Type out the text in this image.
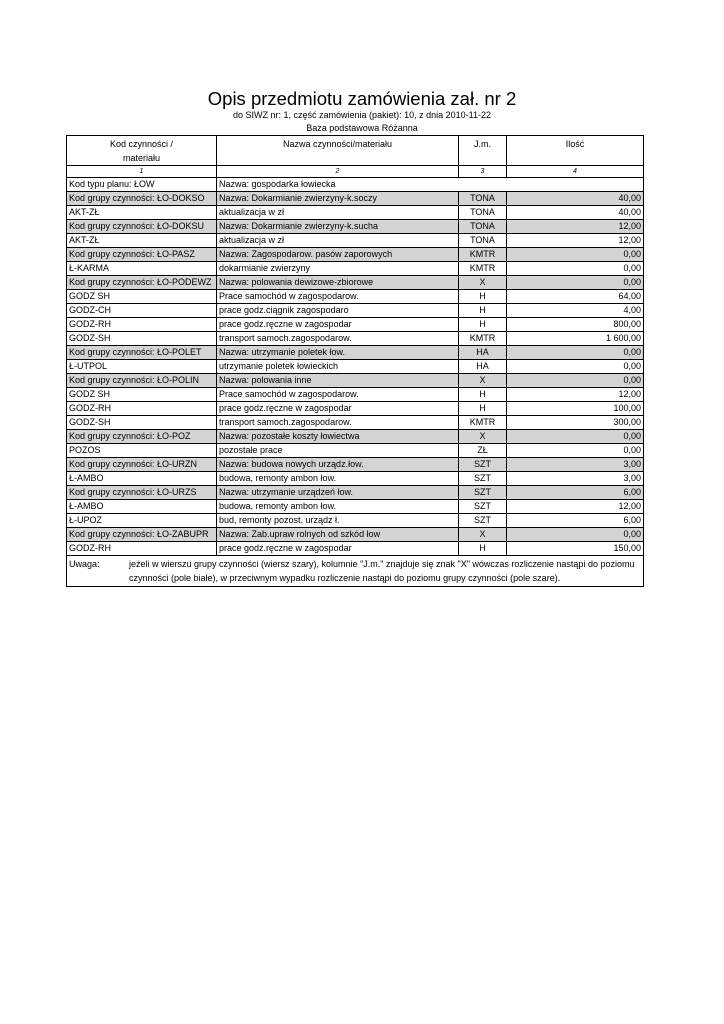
Opis przedmiotu zamówienia zał. nr 2
do SIWZ nr: 1, część zamówienia (pakiet): 10, z dnia 2010-11-22
Baza podstawowa Różanna
Kod czynności /
materiału	Nazwa czynności/materiału	J.m.	Ilość
1	2	3	4
Kod typu planu: ŁOW	Nazwa: gospodarka łowiecka		
Kod grupy czynności: ŁO-DOKSO	Nazwa: Dokarmianie zwierzyny-k.soczy	TONA	40,00
AKT-ZŁ	aktualizacja w zł	TONA	40,00
Kod grupy czynności: ŁO-DOKSU	Nazwa: Dokarmianie zwierzyny-k.sucha	TONA	12,00
AKT-ZŁ	aktualizacja w zł	TONA	12,00
Kod grupy czynności: ŁO-PASZ	Nazwa: Zagospodarow. pasów zaporowych	KMTR	0,00
Ł-KARMA	dokarmianie zwierzyny	KMTR	0,00
Kod grupy czynności: ŁO-PODEWZ	Nazwa: polowania dewizowe-zbiorowe	X	0,00
GODZ SH	Prace samochód w zagospodarow.	H	64,00
GODZ-CH	prace godz.ciągnik zagospodaro	H	4,00
GODZ-RH	prace godz.ręczne w zagospodar	H	800,00
GODZ-SH	transport samoch.zagospodarow.	KMTR	1 600,00
Kod grupy czynności: ŁO-POLET	Nazwa: utrzymanie poletek łow.	HA	0,00
Ł-UTPOL	utrzymanie poletek łowieckich	HA	0,00
Kod grupy czynności: ŁO-POLIN	Nazwa: polowania inne	X	0,00
GODZ SH	Prace samochód w zagospodarow.	H	12,00
GODZ-RH	prace godz.ręczne w zagospodar	H	100,00
GODZ-SH	transport samoch.zagospodarow.	KMTR	300,00
Kod grupy czynności: ŁO-POZ	Nazwa: pozostałe koszty łowiectwa	X	0,00
POZOS	pozostałe prace	ZŁ	0,00
Kod grupy czynności: ŁO-URZN	Nazwa: budowa nowych urządz.łow.	SZT	3,00
Ł-AMBO	budowa, remonty ambon łow.	SZT	3,00
Kod grupy czynności: ŁO-URZS	Nazwa: utrzymanie urządzeń łow.	SZT	6,00
Ł-AMBO	budowa, remonty ambon łow.	SZT	12,00
Ł-UPOZ	bud, remonty pozost. urządz ł.	SZT	6,00
Kod grupy czynności: ŁO-ZABUPR	Nazwa: Zab.upraw rolnych od szkód łow	X	0,00
GODZ-RH	prace godz.ręczne w zagospodar	H	150,00

Uwaga: jeżeli w wierszu grupy czynności (wiersz szary), kolumnie "J.m." znajduje się znak "X" wówczas rozliczenie nastąpi do poziomu czynności (pole białe), w przeciwnym wypadku rozliczenie nastąpi do poziomu grupy czynności (pole szare).			
